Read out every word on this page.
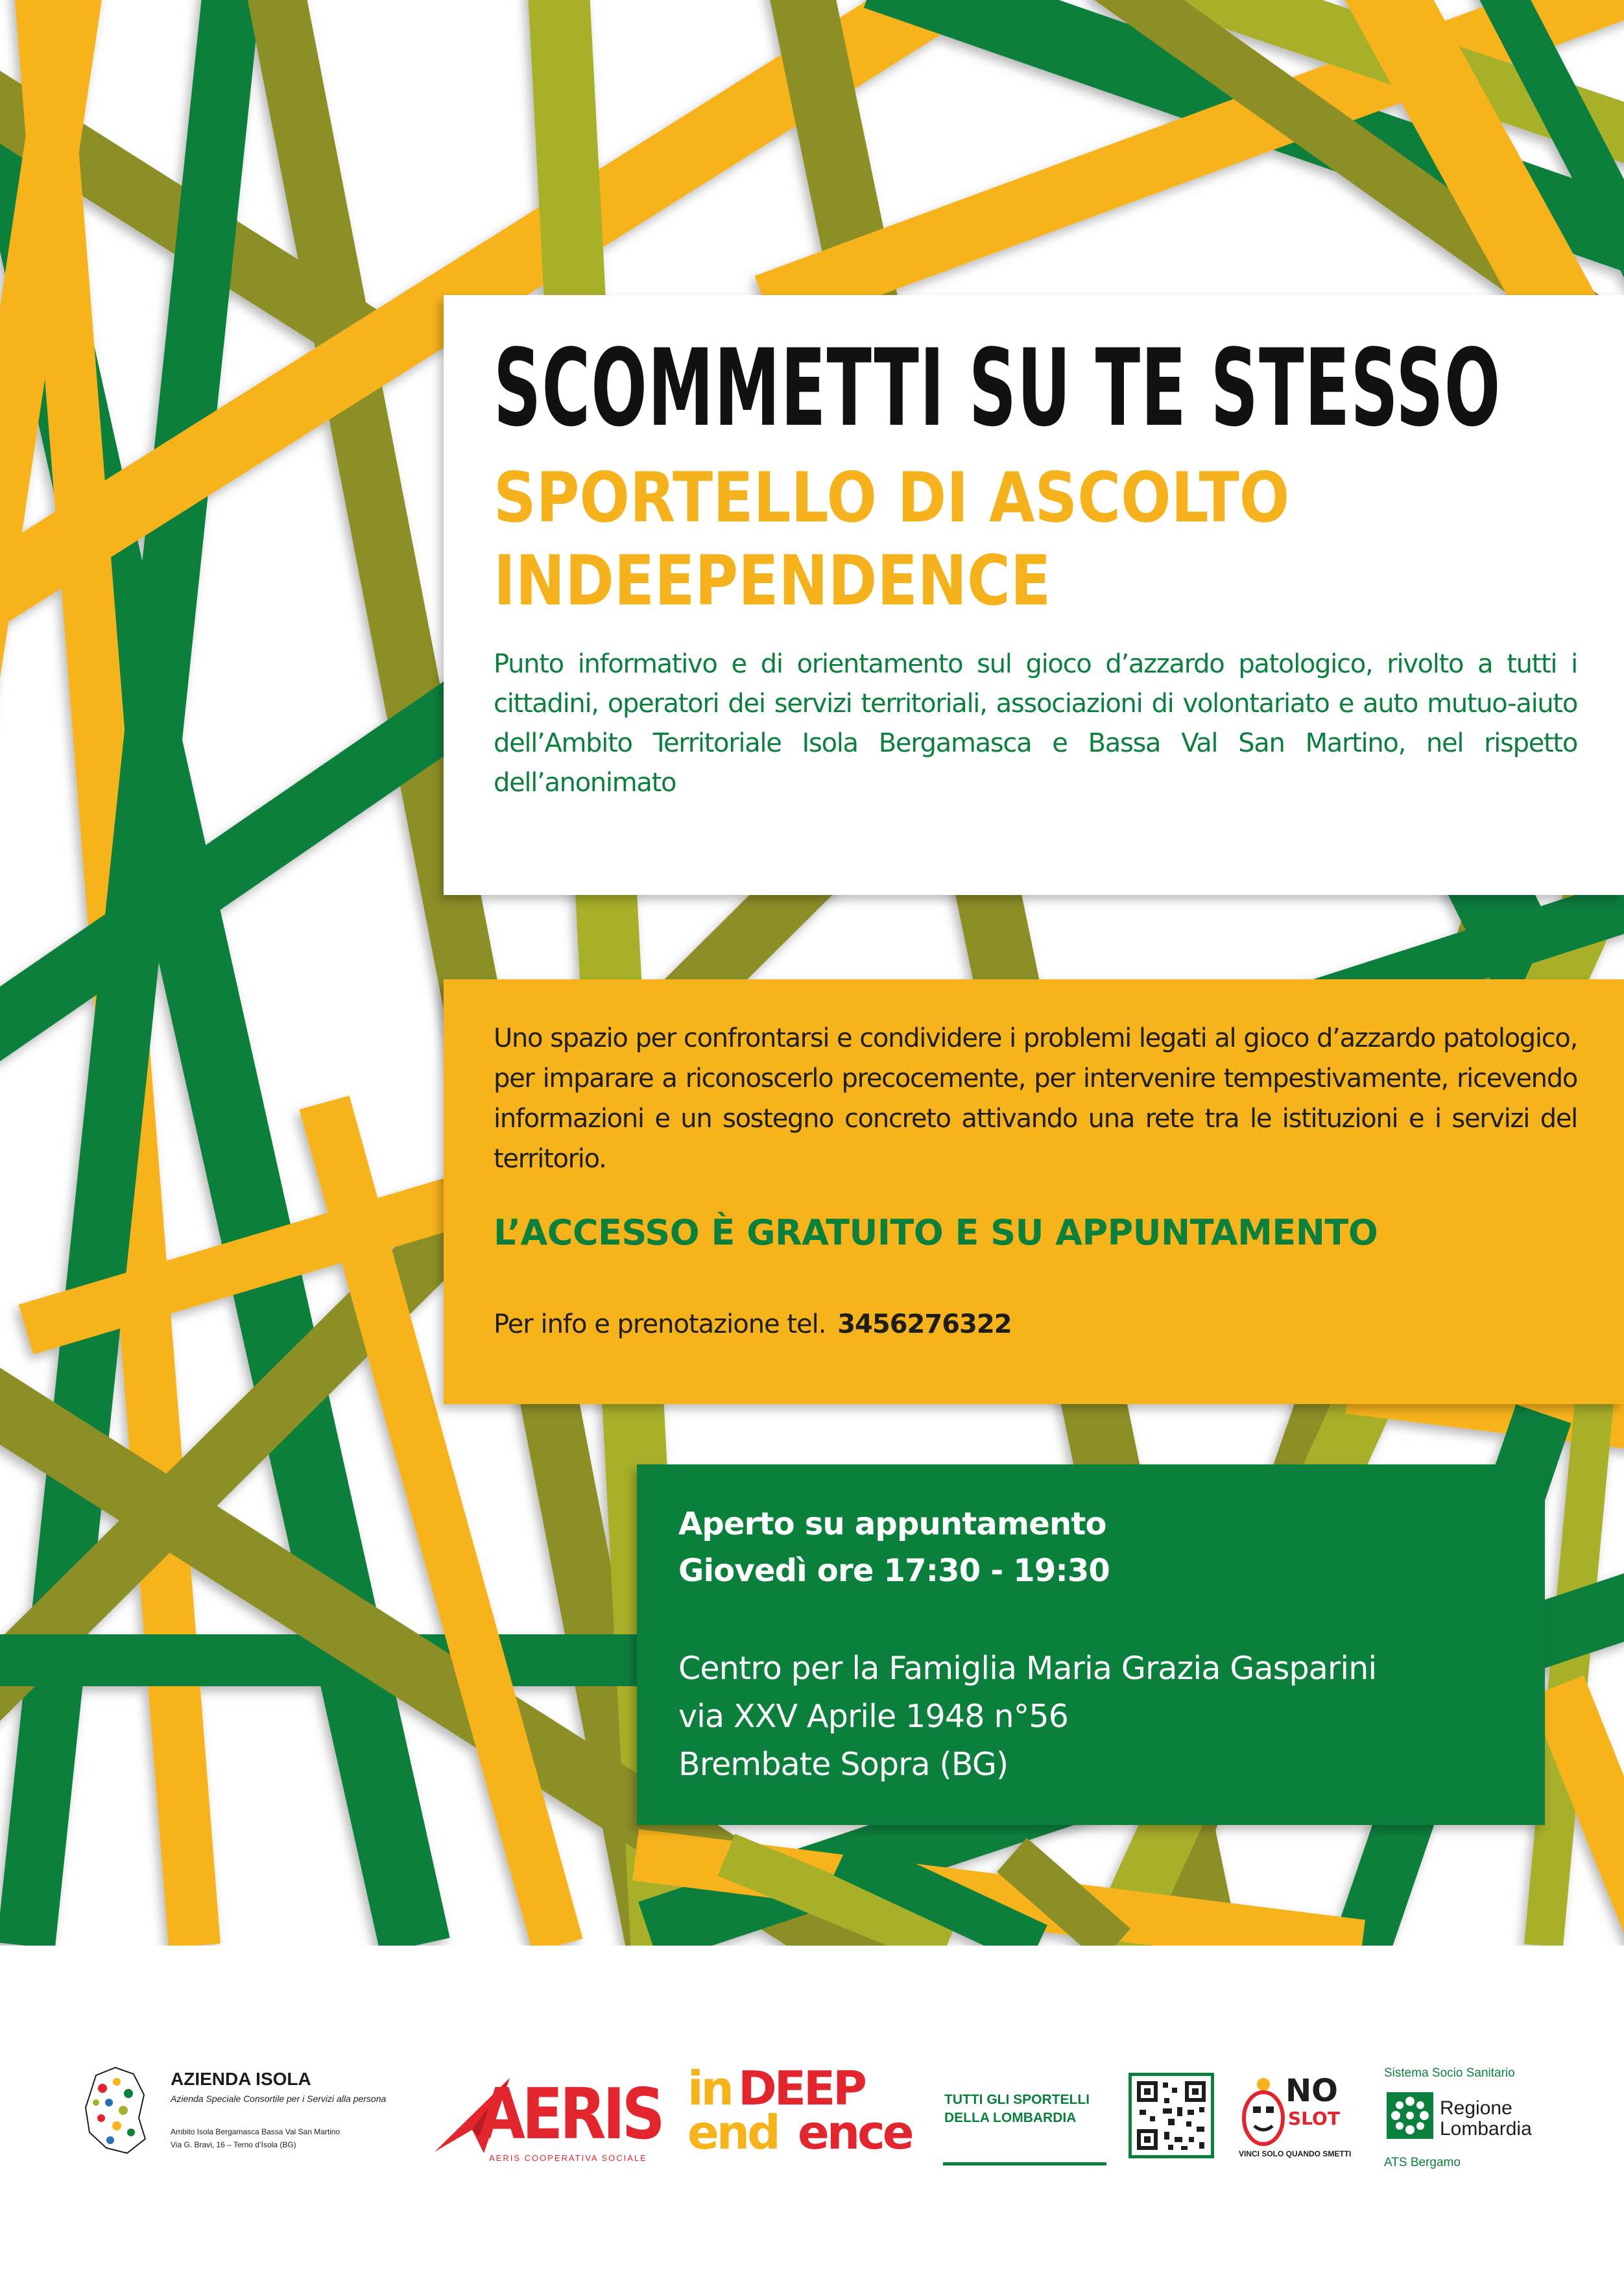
SCOMMETTI SU TE STESSO
SPORTELLO DI ASCOLTO
INDEEPENDENCE

Punto informativo e di orientamento sul gioco d’azzardo patologico, rivolto a tutti i cittadini, operatori dei servizi territoriali, associazioni di volontariato e auto mutuo-aiuto dell’Ambito Territoriale Isola Bergamasca e Bassa Val San Martino, nel rispetto dell’anonimato

Uno spazio per confrontarsi e condividere i problemi legati al gioco d’azzardo patologico, per imparare a riconoscerlo precocemente, per intervenire tempestivamente, ricevendo informazioni e un sostegno concreto attivando una rete tra le istituzioni e i servizi del territorio.

L’ACCESSO È GRATUITO E SU APPUNTAMENTO

Per info e prenotazione tel. 3456276322

Aperto su appuntamento

Giovedì ore 17:30 - 19:30

Centro per la Famiglia Maria Grazia Gasparini
via XXV Aprile 1948 n°56
Brembate Sopra (BG)
AZIENDA ISOLA
Azienda Speciale Consortile per i Servizi alla persona
Ambito Isola Bergamasca Bassa Val San Martino
Via G. Bravi, 16 – Terno d’Isola (BG)	AERIS
AERIS COOPERATIVA SOCIALE
in DEEP
end ence
TUTTI GLI SPORTELLI
DELLA LOMBARDIA
NO
SLOT
VINCI SOLO QUANDO SMETTI
Sistema Socio Sanitario
Regione
Lombardia
ATS Bergamo
